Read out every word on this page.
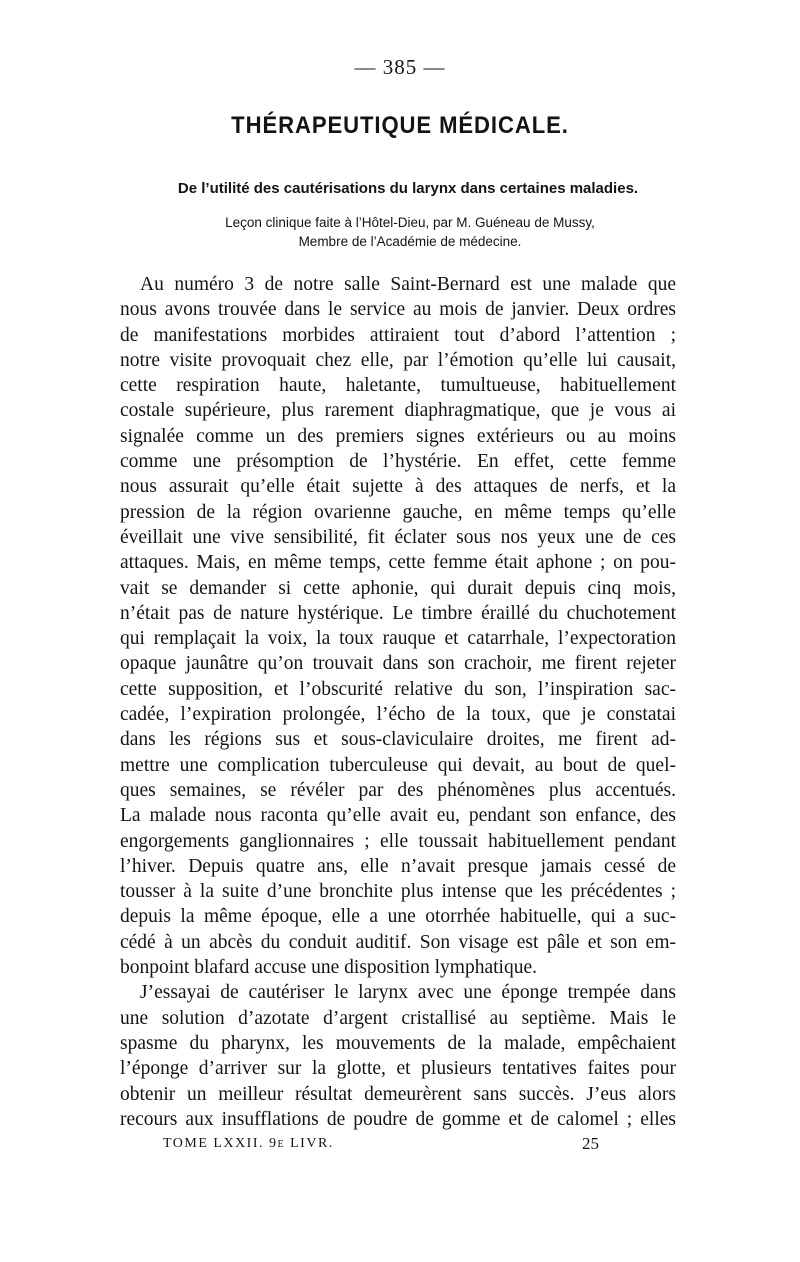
— 385 —
THÉRAPEUTIQUE MÉDICALE.
De l’utilité des cautérisations du larynx dans certaines maladies.
Leçon clinique faite à l’Hôtel-Dieu, par M. Guéneau de Mussy,
Membre de l’Académie de médecine.
Au numéro 3 de notre salle Saint-Bernard est une malade que
nous avons trouvée dans le service au mois de janvier. Deux ordres
de manifestations morbides attiraient tout d’abord l’attention ;
notre visite provoquait chez elle, par l’émotion qu’elle lui causait,
cette respiration haute, haletante, tumultueuse, habituellement
costale supérieure, plus rarement diaphragmatique, que je vous ai
signalée comme un des premiers signes extérieurs ou au moins
comme une présomption de l’hystérie. En effet, cette femme
nous assurait qu’elle était sujette à des attaques de nerfs, et la
pression de la région ovarienne gauche, en même temps qu’elle
éveillait une vive sensibilité, fit éclater sous nos yeux une de ces
attaques. Mais, en même temps, cette femme était aphone ; on pou-
vait se demander si cette aphonie, qui durait depuis cinq mois,
n’était pas de nature hystérique. Le timbre éraillé du chuchotement
qui remplaçait la voix, la toux rauque et catarrhale, l’expectoration
opaque jaunâtre qu’on trouvait dans son crachoir, me firent rejeter
cette supposition, et l’obscurité relative du son, l’inspiration sac-
cadée, l’expiration prolongée, l’écho de la toux, que je constatai
dans les régions sus et sous-claviculaire droites, me firent ad-
mettre une complication tuberculeuse qui devait, au bout de quel-
ques semaines, se révéler par des phénomènes plus accentués.
La malade nous raconta qu’elle avait eu, pendant son enfance, des
engorgements ganglionnaires ; elle toussait habituellement pendant
l’hiver. Depuis quatre ans, elle n’avait presque jamais cessé de
tousser à la suite d’une bronchite plus intense que les précédentes ;
depuis la même époque, elle a une otorrhée habituelle, qui a suc-
cédé à un abcès du conduit auditif. Son visage est pâle et son em-
bonpoint blafard accuse une disposition lymphatique.
J’essayai de cautériser le larynx avec une éponge trempée dans
une solution d’azotate d’argent cristallisé au septième. Mais le
spasme du pharynx, les mouvements de la malade, empêchaient
l’éponge d’arriver sur la glotte, et plusieurs tentatives faites pour
obtenir un meilleur résultat demeurèrent sans succès. J’eus alors
recours aux insufflations de poudre de gomme et de calomel ; elles
TOME LXXII. 9e LIVR.	25
